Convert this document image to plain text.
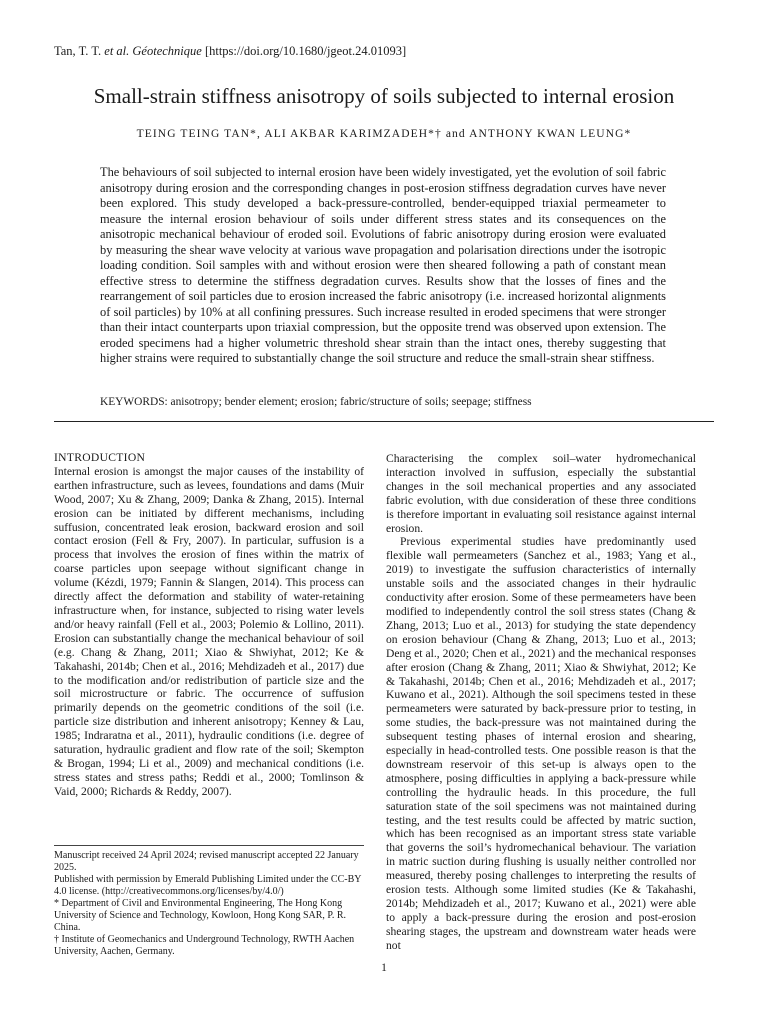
Tan, T. T. et al. Géotechnique [https://doi.org/10.1680/jgeot.24.01093]
Small-strain stiffness anisotropy of soils subjected to internal erosion
TEING TEING TAN*, ALI AKBAR KARIMZADEH*† and ANTHONY KWAN LEUNG*

The behaviours of soil subjected to internal erosion have been widely investigated, yet the evolution of soil fabric anisotropy during erosion and the corresponding changes in post-erosion stiffness degradation curves have never been explored. This study developed a back-pressure-controlled, bender-equipped triaxial permeameter to measure the internal erosion behaviour of soils under different stress states and its consequences on the anisotropic mechanical behaviour of eroded soil. Evolutions of fabric anisotropy during erosion were evaluated by measuring the shear wave velocity at various wave propagation and polarisation directions under the isotropic loading condition. Soil samples with and without erosion were then sheared following a path of constant mean effective stress to determine the stiffness degradation curves. Results show that the losses of fines and the rearrangement of soil particles due to erosion increased the fabric anisotropy (i.e. increased horizontal alignments of soil particles) by 10% at all confining pressures. Such increase resulted in eroded specimens that were stronger than their intact counterparts upon triaxial compression, but the opposite trend was observed upon extension. The eroded specimens had a higher volumetric threshold shear strain than the intact ones, thereby suggesting that higher strains were required to substantially change the soil structure and reduce the small-strain shear stiffness.

KEYWORDS: anisotropy; bender element; erosion; fabric/structure of soils; seepage; stiffness
INTRODUCTION

Internal erosion is amongst the major causes of the instability of earthen infrastructure, such as levees, foundations and dams (Muir Wood, 2007; Xu & Zhang, 2009; Danka & Zhang, 2015). Internal erosion can be initiated by different mechanisms, including suffusion, concentrated leak erosion, backward erosion and soil contact erosion (Fell & Fry, 2007). In particular, suffusion is a process that involves the erosion of fines within the matrix of coarse particles upon seepage without significant change in volume (Kézdi, 1979; Fannin & Slangen, 2014). This process can directly affect the deformation and stability of water-retaining infrastructure when, for instance, subjected to rising water levels and/or heavy rainfall (Fell et al., 2003; Polemio & Lollino, 2011). Erosion can substantially change the mechanical behaviour of soil (e.g. Chang & Zhang, 2011; Xiao & Shwiyhat, 2012; Ke & Takahashi, 2014b; Chen et al., 2016; Mehdizadeh et al., 2017) due to the modification and/or redistribution of particle size and the soil microstructure or fabric. The occurrence of suffusion primarily depends on the geometric conditions of the soil (i.e. particle size distribution and inherent anisotropy; Kenney & Lau, 1985; Indraratna et al., 2011), hydraulic conditions (i.e. degree of saturation, hydraulic gradient and flow rate of the soil; Skempton & Brogan, 1994; Li et al., 2009) and mechanical conditions (i.e. stress states and stress paths; Reddi et al., 2000; Tomlinson & Vaid, 2000; Richards & Reddy, 2007).

Characterising the complex soil–water hydromechanical interaction involved in suffusion, especially the substantial changes in the soil mechanical properties and any associated fabric evolution, with due consideration of these three conditions is therefore important in evaluating soil resistance against internal erosion.

Previous experimental studies have predominantly used flexible wall permeameters (Sanchez et al., 1983; Yang et al., 2019) to investigate the suffusion characteristics of internally unstable soils and the associated changes in their hydraulic conductivity after erosion. Some of these permeameters have been modified to independently control the soil stress states (Chang & Zhang, 2013; Luo et al., 2013) for studying the state dependency on erosion behaviour (Chang & Zhang, 2013; Luo et al., 2013; Deng et al., 2020; Chen et al., 2021) and the mechanical responses after erosion (Chang & Zhang, 2011; Xiao & Shwiyhat, 2012; Ke & Takahashi, 2014b; Chen et al., 2016; Mehdizadeh et al., 2017; Kuwano et al., 2021). Although the soil specimens tested in these permeameters were saturated by back-pressure prior to testing, in some studies, the back-pressure was not maintained during the subsequent testing phases of internal erosion and shearing, especially in head-controlled tests. One possible reason is that the downstream reservoir of this set-up is always open to the atmosphere, posing difficulties in applying a back-pressure while controlling the hydraulic heads. In this procedure, the full saturation state of the soil specimens was not maintained during testing, and the test results could be affected by matric suction, which has been recognised as an important stress state variable that governs the soil’s hydromechanical behaviour. The variation in matric suction during flushing is usually neither controlled nor measured, thereby posing challenges to interpreting the results of erosion tests. Although some limited studies (Ke & Takahashi, 2014b; Mehdizadeh et al., 2017; Kuwano et al., 2021) were able to apply a back-pressure during the erosion and post-erosion shearing stages, the upstream and downstream water heads were not

Manuscript received 24 April 2024; revised manuscript accepted 22 January 2025.

Published with permission by Emerald Publishing Limited under the CC-BY 4.0 license. (http://creativecommons.org/licenses/by/4.0/)

* Department of Civil and Environmental Engineering, The Hong Kong University of Science and Technology, Kowloon, Hong Kong SAR, P. R. China.

† Institute of Geomechanics and Underground Technology, RWTH Aachen University, Aachen, Germany.

1
